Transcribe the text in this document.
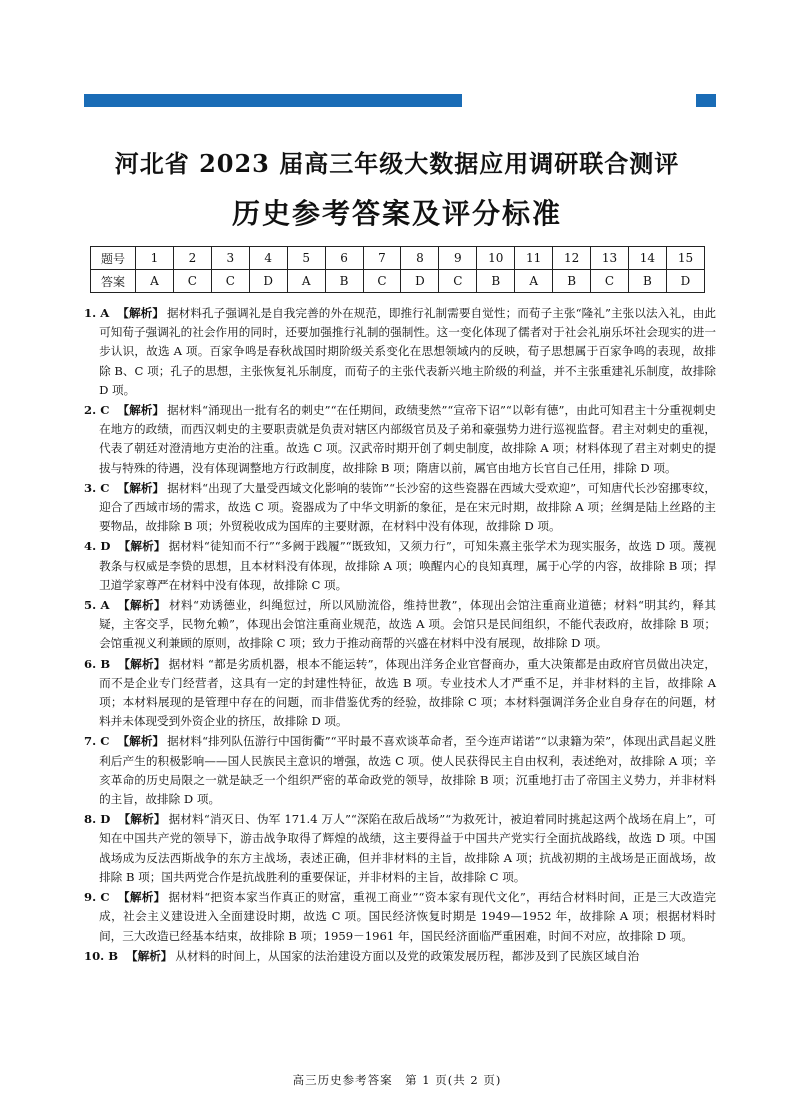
河北省 2023 届高三年级大数据应用调研联合测评
历史参考答案及评分标准
题号	1	2	3	4	5	6	7	8	9	10	11	12	13	14	15
答案	A	C	C	D	A	B	C	D	C	B	A	B	C	B	D
1. A 【解析】 据材料孔子强调礼是自我完善的外在规范，即推行礼制需要自觉性；而荀子主张“隆礼”主张以法入礼，由此可知荀子强调礼的社会作用的同时，还要加强推行礼制的强制性。这一变化体现了儒者对于社会礼崩乐坏社会现实的进一步认识，故选 A 项。百家争鸣是春秋战国时期阶级关系变化在思想领域内的反映，荀子思想属于百家争鸣的表现，故排除 B、C 项；孔子的思想，主张恢复礼乐制度，而荀子的主张代表新兴地主阶级的利益，并不主张重建礼乐制度，故排除 D 项。
2. C 【解析】 据材料“涌现出一批有名的刺史”“在任期间，政绩斐然”“宣帝下诏”“以彰有德”，由此可知君主十分重视刺史在地方的政绩，而西汉刺史的主要职责就是负责对辖区内部级官员及子弟和豪强势力进行巡视监督。君主对刺史的重视，代表了朝廷对澄清地方吏治的注重。故选 C 项。汉武帝时期开创了刺史制度，故排除 A 项；材料体现了君主对刺史的提拔与特殊的待遇，没有体现调整地方行政制度，故排除 B 项；隋唐以前，属官由地方长官自己任用，排除 D 项。
3. C 【解析】 据材料“出现了大量受西域文化影响的装饰”“长沙窑的这些瓷器在西域大受欢迎”，可知唐代长沙窑挪枣纹，迎合了西域市场的需求，故选 C 项。瓷器成为了中华文明新的象征，是在宋元时期，故排除 A 项；丝绸是陆上丝路的主要物品，故排除 B 项；外贸税收成为国库的主要财源，在材料中没有体现，故排除 D 项。
4. D 【解析】 据材料“徒知而不行”“多阙于践履”“既致知，又须力行”，可知朱熹主张学术为现实服务，故选 D 项。蔑视教条与权威是李贽的思想，且本材料没有体现，故排除 A 项；唤醒内心的良知真理，属于心学的内容，故排除 B 项；捍卫道学家尊严在材料中没有体现，故排除 C 项。
5. A 【解析】 材料“劝诱德业，纠绳愆过，所以风励流俗，维持世教”，体现出会馆注重商业道德；材料“明其约，释其疑，主客交孚，民物允赖”，体现出会馆注重商业规范，故选 A 项。会馆只是民间组织，不能代表政府，故排除 B 项；会馆重视义利兼顾的原则，故排除 C 项；致力于推动商帮的兴盛在材料中没有展现，故排除 D 项。
6. B 【解析】 据材料 “都是劣质机器，根本不能运转”，体现出洋务企业官督商办，重大决策都是由政府官员做出决定，而不是企业专门经营者，这具有一定的封建性特征，故选 B 项。专业技术人才严重不足，并非材料的主旨，故排除 A 项；本材料展现的是管理中存在的问题，而非借鉴优秀的经验，故排除 C 项；本材料强调洋务企业自身存在的问题，材料并未体现受到外资企业的挤压，故排除 D 项。
7. C 【解析】 据材料“排列队伍游行中国街衢”“平时最不喜欢谈革命者，至今连声诺诺”“以隶籍为荣”，体现出武昌起义胜利后产生的积极影响——国人民族民主意识的增强，故选 C 项。使人民获得民主自由权利，表述绝对，故排除 A 项；辛亥革命的历史局限之一就是缺乏一个组织严密的革命政党的领导，故排除 B 项；沉重地打击了帝国主义势力，并非材料的主旨，故排除 D 项。
8. D 【解析】 据材料“消灭日、伪军 171.4 万人”“深陷在敌后战场”“为救死计，被迫着同时挑起这两个战场在肩上”，可知在中国共产党的领导下，游击战争取得了辉煌的战绩，这主要得益于中国共产党实行全面抗战路线，故选 D 项。中国战场成为反法西斯战争的东方主战场，表述正确，但并非材料的主旨，故排除 A 项；抗战初期的主战场是正面战场，故排除 B 项；国共两党合作是抗战胜利的重要保证，并非材料的主旨，故排除 C 项。
9. C 【解析】 据材料“把资本家当作真正的财富，重视工商业”“资本家有现代文化”，再结合材料时间，正是三大改造完成，社会主义建设进入全面建设时期，故选 C 项。国民经济恢复时期是 1949—1952 年，故排除 A 项；根据材料时间，三大改造已经基本结束，故排除 B 项；1959－1961 年，国民经济面临严重困难，时间不对应，故排除 D 项。
10. B 【解析】 从材料的时间上，从国家的法治建设方面以及党的政策发展历程，都涉及到了民族区域自治
高三历史参考答案　第 1 页(共 2 页)
